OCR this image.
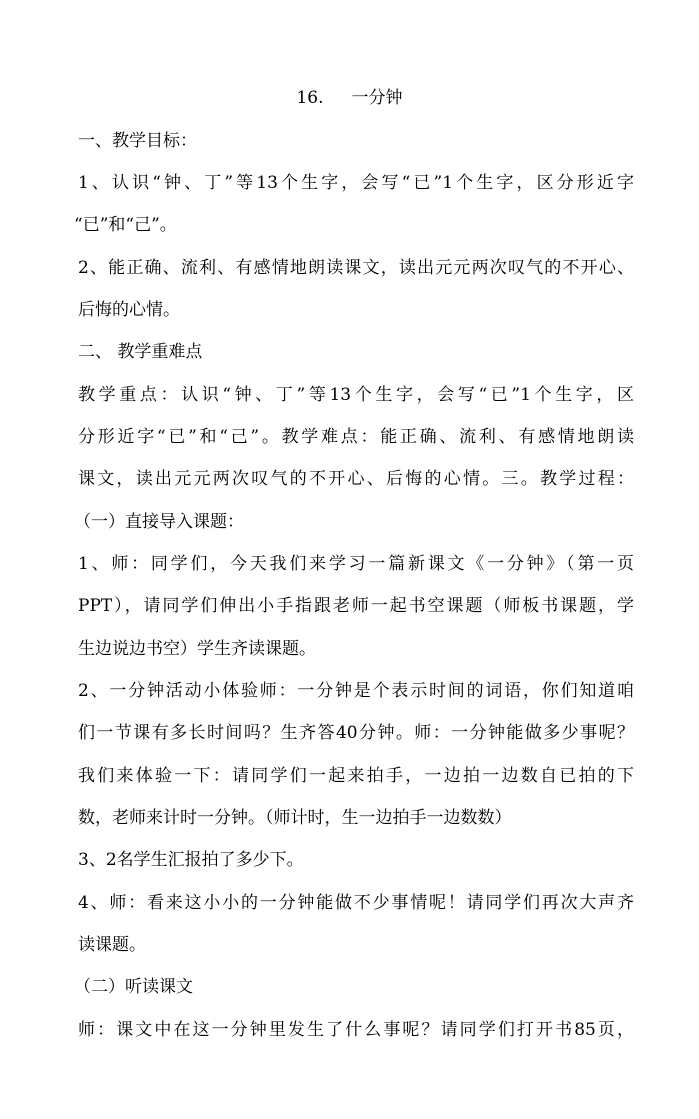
16. 一分钟
一、教学目标：
1、认识“钟、丁”等13个生字，会写“已”1个生字，区分形近字
“已”和“己”。
2、能正确、流利、有感情地朗读课文，读出元元两次叹气的不开心、
后悔的心情。
二、 教学重难点
教学重点：认识“钟、丁”等13个生字，会写“已”1个生字，区
分形近字“已”和“己”。教学难点：能正确、流利、有感情地朗读
课文，读出元元两次叹气的不开心、后悔的心情。三。教学过程：
（一）直接导入课题：
1、师：同学们，今天我们来学习一篇新课文《一分钟》（第一页
PPT），请同学们伸出小手指跟老师一起书空课题（师板书课题，学
生边说边书空）学生齐读课题。
2、一分钟活动小体验师：一分钟是个表示时间的词语，你们知道咱
们一节课有多长时间吗？生齐答40分钟。师：一分钟能做多少事呢？
我们来体验一下：请同学们一起来拍手，一边拍一边数自已拍的下
数，老师来计时一分钟。（师计时，生一边拍手一边数数）
3、2名学生汇报拍了多少下。
4、师：看来这小小的一分钟能做不少事情呢！请同学们再次大声齐
读课题。
（二）听读课文
师：课文中在这一分钟里发生了什么事呢？请同学们打开书85页，
